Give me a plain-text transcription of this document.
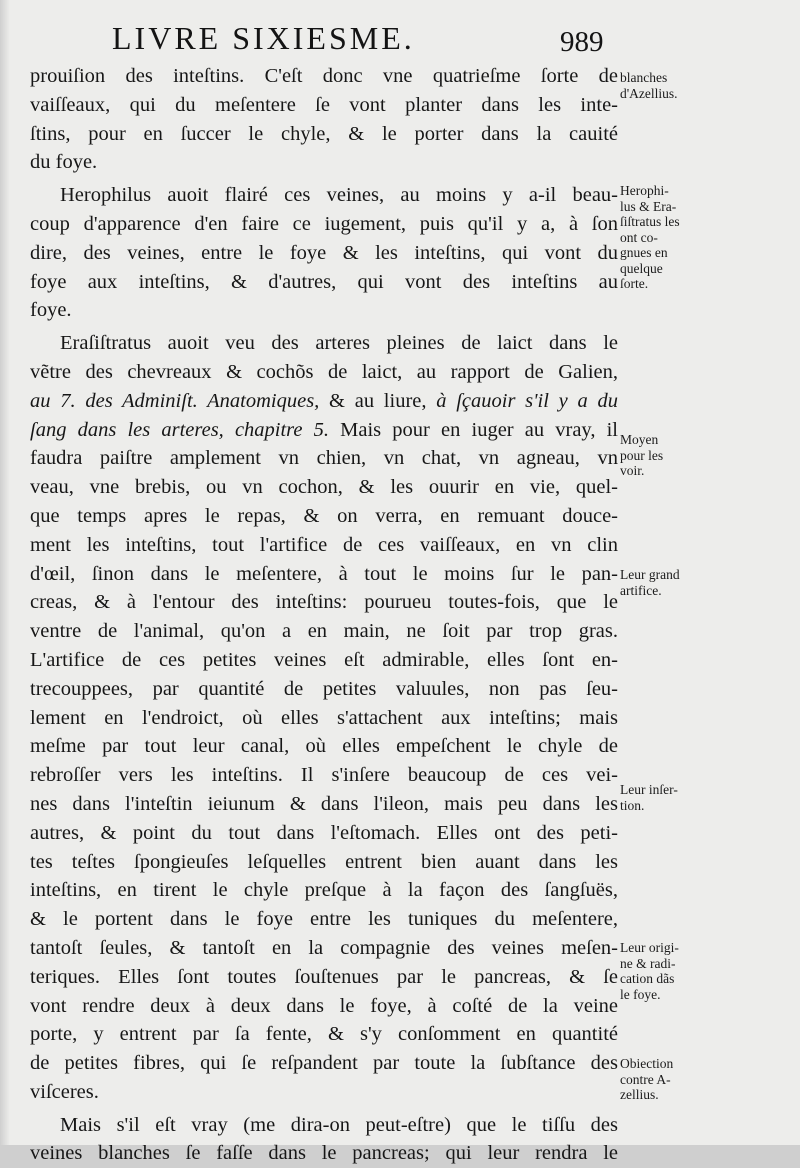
LIVRE SIXIESME.	989

prouiſion des inteſtins. C'eſt donc vne quatrieſme ſorte de
vaiſſeaux, qui du meſentere ſe vont planter dans les inte-
ſtins, pour en ſuccer le chyle, & le porter dans la cauité
du foye.

Herophilus auoit flairé ces veines, au moins y a-il beau-
coup d'apparence d'en faire ce iugement, puis qu'il y a, à ſon
dire, des veines, entre le foye & les inteſtins, qui vont du
foye aux inteſtins, & d'autres, qui vont des inteſtins au
foye.

Eraſiſtratus auoit veu des arteres pleines de laict dans le
vẽtre des chevreaux & cochõs de laict, au rapport de Galien,
au 7. des Adminiſt. Anatomiques, & au liure, à ſçauoir s'il y a du
ſang dans les arteres, chapitre 5. Mais pour en iuger au vray, il
faudra paiſtre amplement vn chien, vn chat, vn agneau, vn
veau, vne brebis, ou vn cochon, & les ouurir en vie, quel-
que temps apres le repas, & on verra, en remuant douce-
ment les inteſtins, tout l'artifice de ces vaiſſeaux, en vn clin
d'œil, ſinon dans le meſentere, à tout le moins ſur le pan-
creas, & à l'entour des inteſtins: pourueu toutes-fois, que le
ventre de l'animal, qu'on a en main, ne ſoit par trop gras.

L'artifice de ces petites veines eſt admirable, elles ſont en-
trecouppees, par quantité de petites valuules, non pas ſeu-
lement en l'endroict, où elles s'attachent aux inteſtins; mais
meſme par tout leur canal, où elles empeſchent le chyle de
rebroſſer vers les inteſtins. Il s'inſere beaucoup de ces vei-
nes dans l'inteſtin ieiunum & dans l'ileon, mais peu dans les
autres, & point du tout dans l'eſtomach. Elles ont des peti-
tes teſtes ſpongieuſes leſquelles entrent bien auant dans les
inteſtins, en tirent le chyle preſque à la façon des ſangſuës,
& le portent dans le foye entre les tuniques du meſentere,
tantoſt ſeules, & tantoſt en la compagnie des veines meſen-
teriques. Elles ſont toutes ſouſtenues par le pancreas, & ſe
vont rendre deux à deux dans le foye, à coſté de la veine
porte, y entrent par ſa fente, & s'y conſomment en quantité
de petites fibres, qui ſe reſpandent par toute la ſubſtance des
viſceres.

Mais s'il eſt vray (me dira-on peut-eſtre) que le tiſſu des
veines blanches ſe faſſe dans le pancreas; qui leur rendra le

blanches
d'Azellius.
Herophi-
lus & Era-
ſiſtratus les
ont co-
gnues en
quelque
ſorte.
Moyen
pour les
voir.
Leur grand
artifice.
Leur inſer-
tion.
Leur origi-
ne & radi-
cation dãs
le foye.
Obiection
contre A-
zellius.
